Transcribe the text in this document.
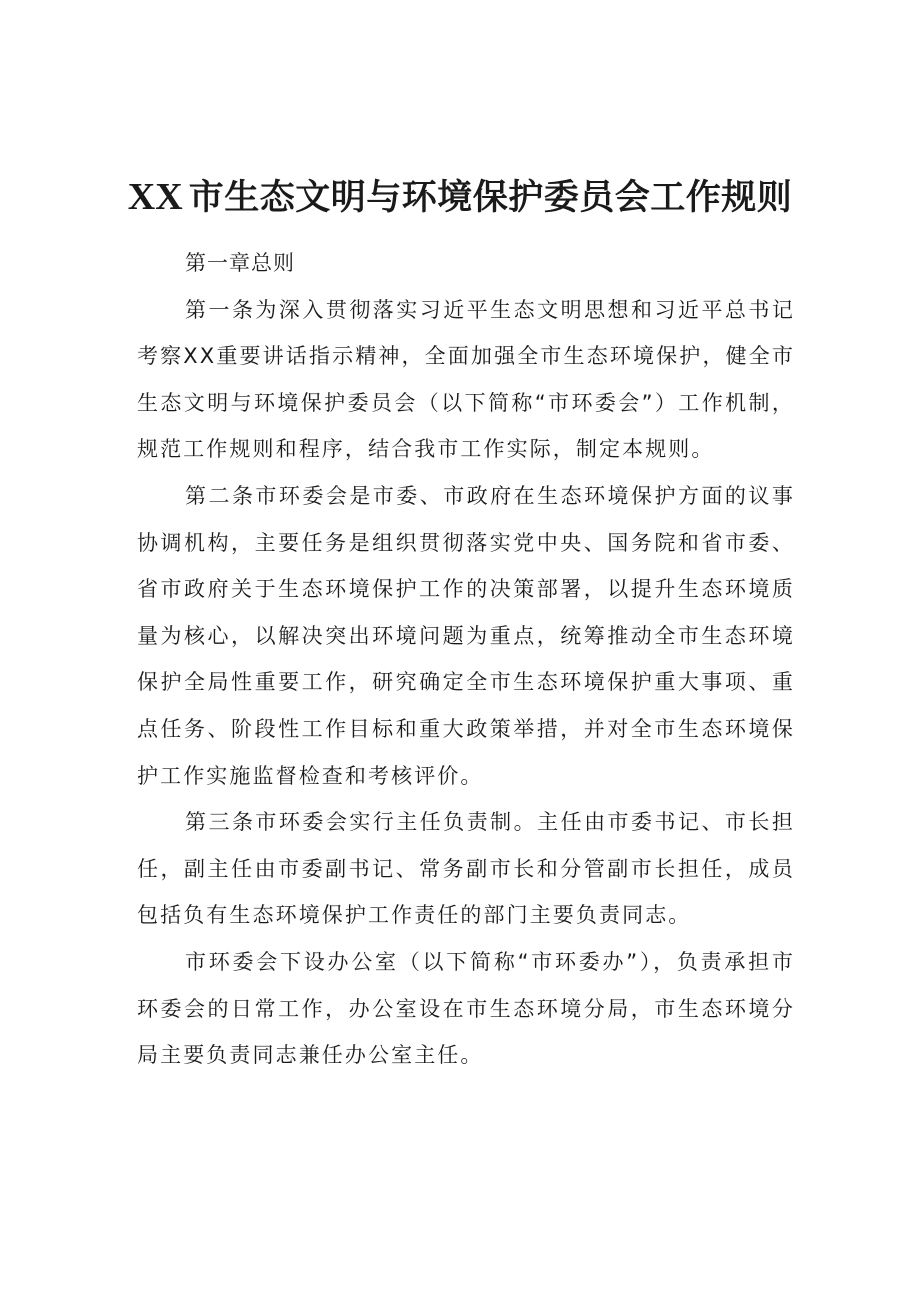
XX 市生态文明与环境保护委员会工作规则

第一章总则

第一条为深入贯彻落实习近平生态文明思想和习近平总书记考察XX重要讲话指示精神，全面加强全市生态环境保护，健全市生态文明与环境保护委员会（以下简称“市环委会”）工作机制，规范工作规则和程序，结合我市工作实际，制定本规则。

第二条市环委会是市委、市政府在生态环境保护方面的议事协调机构，主要任务是组织贯彻落实党中央、国务院和省市委、省市政府关于生态环境保护工作的决策部署，以提升生态环境质量为核心，以解决突出环境问题为重点，统筹推动全市生态环境保护全局性重要工作，研究确定全市生态环境保护重大事项、重点任务、阶段性工作目标和重大政策举措，并对全市生态环境保护工作实施监督检查和考核评价。

第三条市环委会实行主任负责制。主任由市委书记、市长担任，副主任由市委副书记、常务副市长和分管副市长担任，成员包括负有生态环境保护工作责任的部门主要负责同志。

市环委会下设办公室（以下简称“市环委办”），负责承担市环委会的日常工作，办公室设在市生态环境分局，市生态环境分局主要负责同志兼任办公室主任。
